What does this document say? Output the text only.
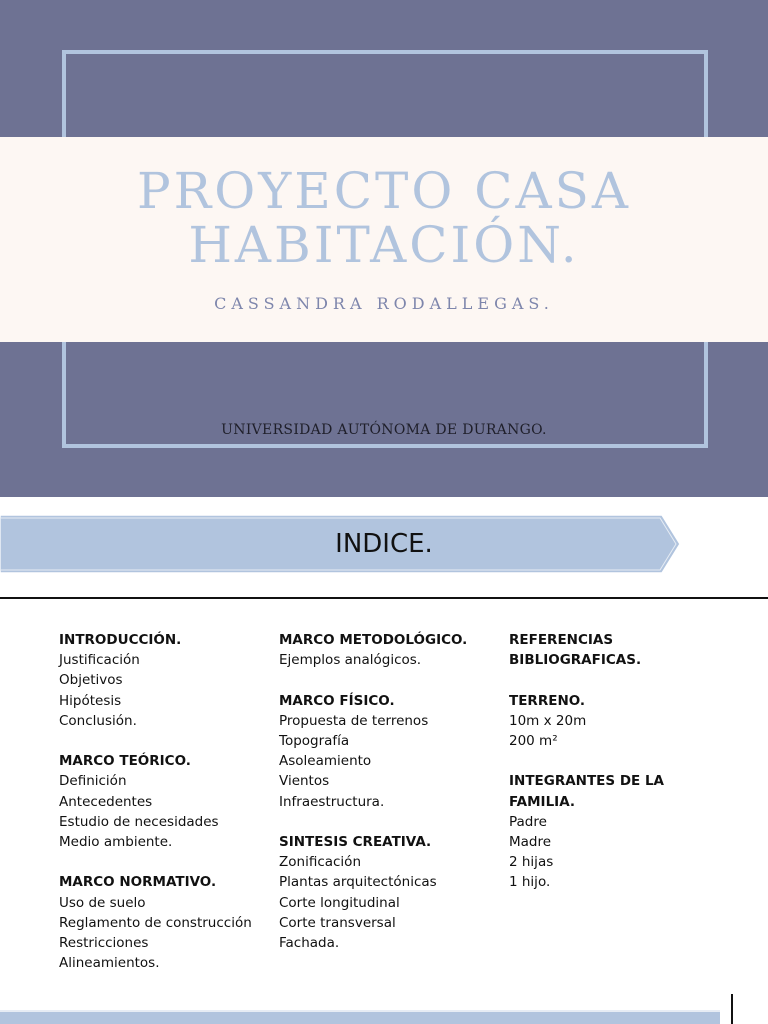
PROYECTO CASA
HABITACIÓN.
CASSANDRA RODALLEGAS.
UNIVERSIDAD AUTÓNOMA DE DURANGO.
INDICE.
INTRODUCCIÓN.
Justificación
Objetivos
Hipótesis
Conclusión.
MARCO TEÓRICO.
Definición
Antecedentes
Estudio de necesidades
Medio ambiente.
MARCO NORMATIVO.
Uso de suelo
Reglamento de construcción
Restricciones
Alineamientos.
MARCO METODOLÓGICO.
Ejemplos analógicos.
MARCO FÍSICO.
Propuesta de terrenos
Topografía
Asoleamiento
Vientos
Infraestructura.
SINTESIS CREATIVA.
Zonificación
Plantas arquitectónicas
Corte longitudinal
Corte transversal
Fachada.
REFERENCIAS BIBLIOGRAFICAS.
TERRENO.
10m x 20m
200 m²
INTEGRANTES DE LA FAMILIA.
Padre
Madre
2 hijas
1 hijo.
